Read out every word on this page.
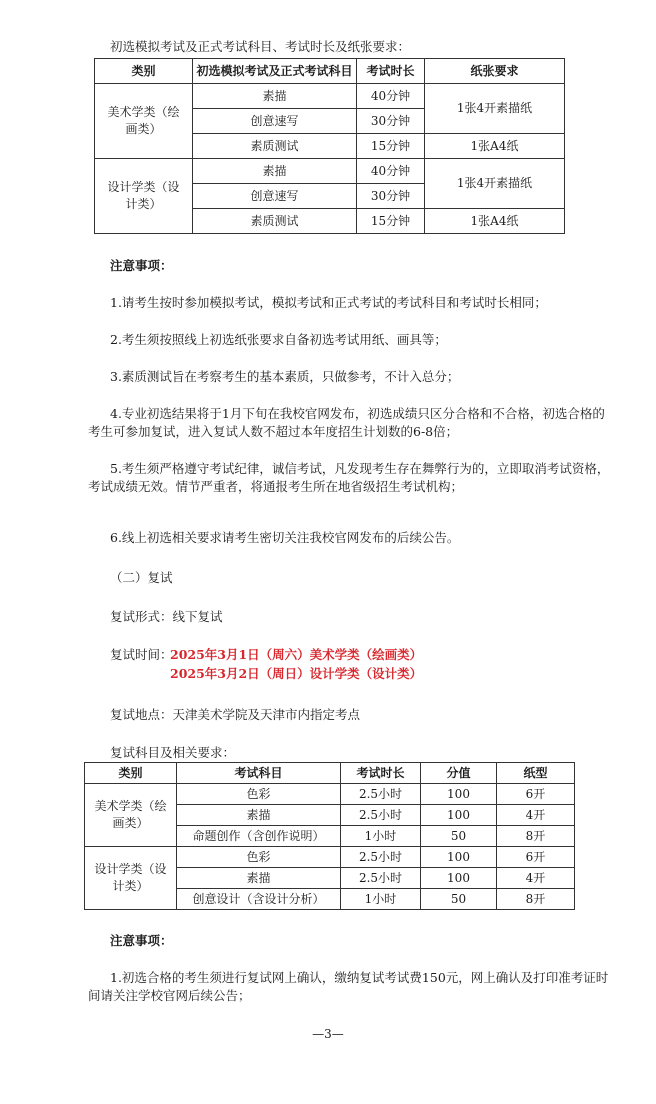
初选模拟考试及正式考试科目、考试时长及纸张要求：
类别	初选模拟考试及正式考试科目	考试时长	纸张要求
美术学类（绘画类）	素描	40分钟	1张4开素描纸
	创意速写	30分钟	
	素质测试	15分钟	1张A4纸
设计学类（设计类）	素描	40分钟	1张4开素描纸
	创意速写	30分钟	
	素质测试	15分钟	1张A4纸
注意事项：
1.请考生按时参加模拟考试，模拟考试和正式考试的考试科目和考试时长相同；
2.考生须按照线上初选纸张要求自备初选考试用纸、画具等；
3.素质测试旨在考察考生的基本素质，只做参考，不计入总分；
4.专业初选结果将于1月下旬在我校官网发布，初选成绩只区分合格和不合格，初选合格的
考生可参加复试，进入复试人数不超过本年度招生计划数的6-8倍；
5.考生须严格遵守考试纪律，诚信考试，凡发现考生存在舞弊行为的，立即取消考试资格，
考试成绩无效。情节严重者，将通报考生所在地省级招生考试机构；
6.线上初选相关要求请考生密切关注我校官网发布的后续公告。
（二）复试
复试形式：线下复试
复试时间：
2025年3月1日（周六）美术学类（绘画类）
2025年3月2日（周日）设计学类（设计类）
复试地点：天津美术学院及天津市内指定考点
复试科目及相关要求：
类别	考试科目	考试时长	分值	纸型
美术学类（绘画类）	色彩	2.5小时	100	6开
	素描	2.5小时	100	4开
	命题创作（含创作说明）	1小时	50	8开
设计学类（设计类）	色彩	2.5小时	100	6开
	素描	2.5小时	100	4开
	创意设计（含设计分析）	1小时	50	8开
注意事项：
1.初选合格的考生须进行复试网上确认，缴纳复试考试费150元，网上确认及打印准考证时
间请关注学校官网后续公告；
—3—
